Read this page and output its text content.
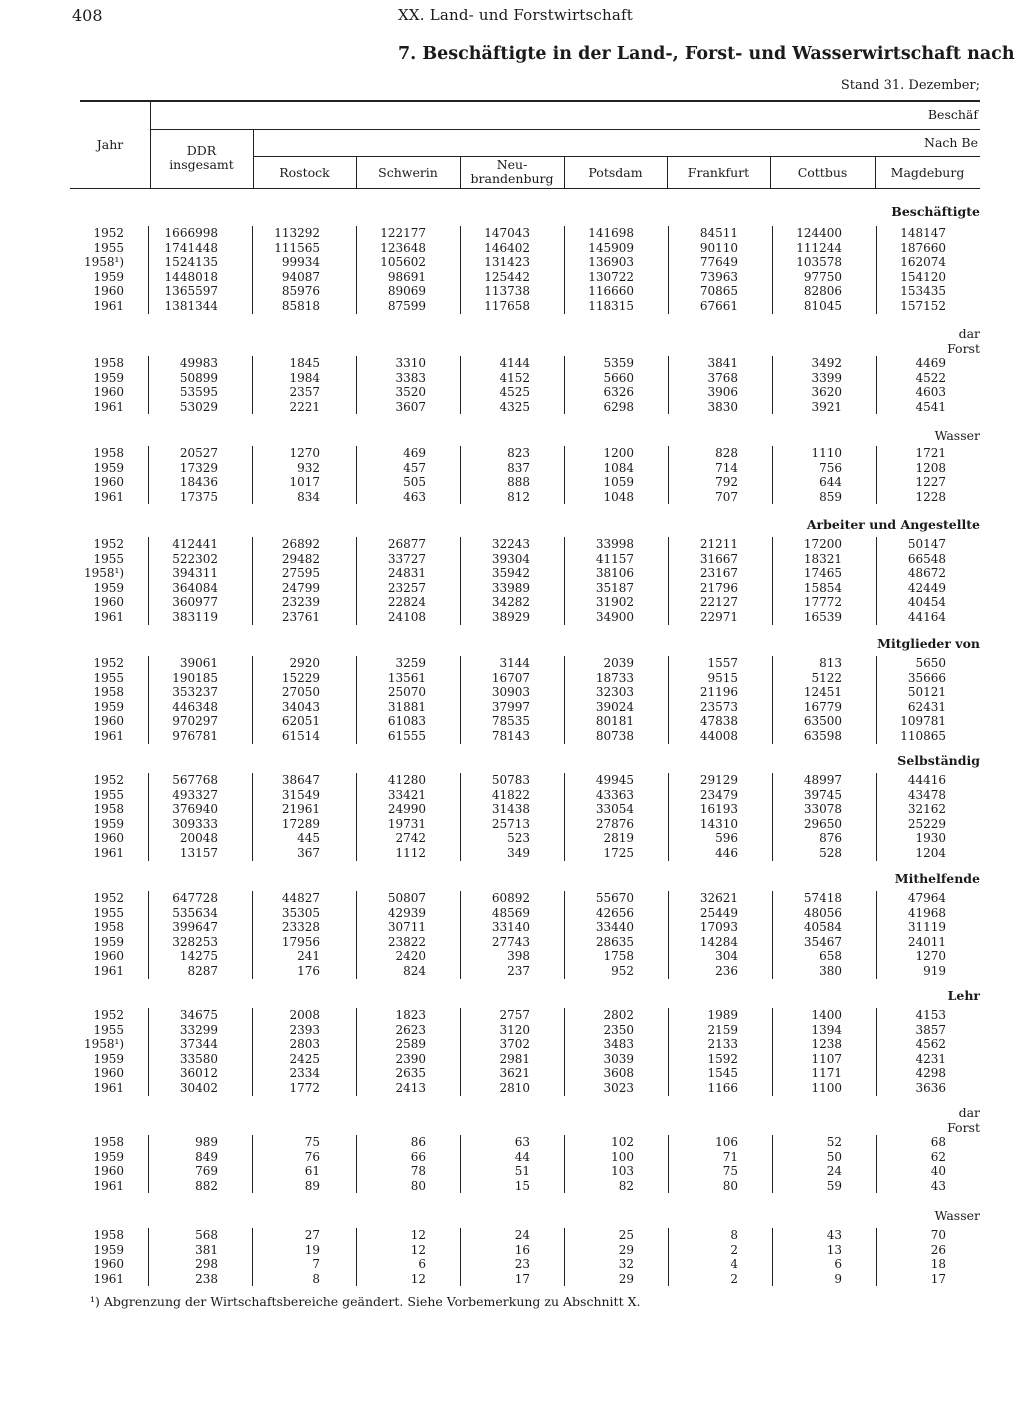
408	XX. Land- und Forstwirtschaft
7. Beschäftigte in der Land-, Forst- und Wasserwirtschaft nach
Stand 31. Dezember;
Jahr	DDR
insgesamt
Beschäf
Nach Be
Rostock	Schwerin
Neu-
brandenburg	Potsdam	Frankfurt	Cottbus	Magdeburg
Beschäftigte
1952	1666998	113292	122177	147043	141698	84511	124400	148147
1955	1741448	111565	123648	146402	145909	90110	111244	187660
1958¹)	1524135	99934	105602	131423	136903	77649	103578	162074
1959	1448018	94087	98691	125442	130722	73963	97750	154120
1960	1365597	85976	89069	113738	116660	70865	82806	153435
1961	1381344	85818	87599	117658	118315	67661	81045	157152
dar
Forst
1958	49983	1845	3310	4144	5359	3841	3492	4469
1959	50899	1984	3383	4152	5660	3768	3399	4522
1960	53595	2357	3520	4525	6326	3906	3620	4603
1961	53029	2221	3607	4325	6298	3830	3921	4541
Wasser
1958	20527	1270	469	823	1200	828	1110	1721
1959	17329	932	457	837	1084	714	756	1208
1960	18436	1017	505	888	1059	792	644	1227
1961	17375	834	463	812	1048	707	859	1228
Arbeiter und Angestellte
1952	412441	26892	26877	32243	33998	21211	17200	50147
1955	522302	29482	33727	39304	41157	31667	18321	66548
1958¹)	394311	27595	24831	35942	38106	23167	17465	48672
1959	364084	24799	23257	33989	35187	21796	15854	42449
1960	360977	23239	22824	34282	31902	22127	17772	40454
1961	383119	23761	24108	38929	34900	22971	16539	44164
Mitglieder von
1952	39061	2920	3259	3144	2039	1557	813	5650
1955	190185	15229	13561	16707	18733	9515	5122	35666
1958	353237	27050	25070	30903	32303	21196	12451	50121
1959	446348	34043	31881	37997	39024	23573	16779	62431
1960	970297	62051	61083	78535	80181	47838	63500	109781
1961	976781	61514	61555	78143	80738	44008	63598	110865
Selbständig
1952	567768	38647	41280	50783	49945	29129	48997	44416
1955	493327	31549	33421	41822	43363	23479	39745	43478
1958	376940	21961	24990	31438	33054	16193	33078	32162
1959	309333	17289	19731	25713	27876	14310	29650	25229
1960	20048	445	2742	523	2819	596	876	1930
1961	13157	367	1112	349	1725	446	528	1204
Mithelfende
1952	647728	44827	50807	60892	55670	32621	57418	47964
1955	535634	35305	42939	48569	42656	25449	48056	41968
1958	399647	23328	30711	33140	33440	17093	40584	31119
1959	328253	17956	23822	27743	28635	14284	35467	24011
1960	14275	241	2420	398	1758	304	658	1270
1961	8287	176	824	237	952	236	380	919
Lehr
1952	34675	2008	1823	2757	2802	1989	1400	4153
1955	33299	2393	2623	3120	2350	2159	1394	3857
1958¹)	37344	2803	2589	3702	3483	2133	1238	4562
1959	33580	2425	2390	2981	3039	1592	1107	4231
1960	36012	2334	2635	3621	3608	1545	1171	4298
1961	30402	1772	2413	2810	3023	1166	1100	3636
dar
Forst
1958	989	75	86	63	102	106	52	68
1959	849	76	66	44	100	71	50	62
1960	769	61	78	51	103	75	24	40
1961	882	89	80	15	82	80	59	43
Wasser
1958	568	27	12	24	25	8	43	70
1959	381	19	12	16	29	2	13	26
1960	298	7	6	23	32	4	6	18
1961	238	8	12	17	29	2	9	17
¹) Abgrenzung der Wirtschaftsbereiche geändert. Siehe Vorbemerkung zu Abschnitt X.
